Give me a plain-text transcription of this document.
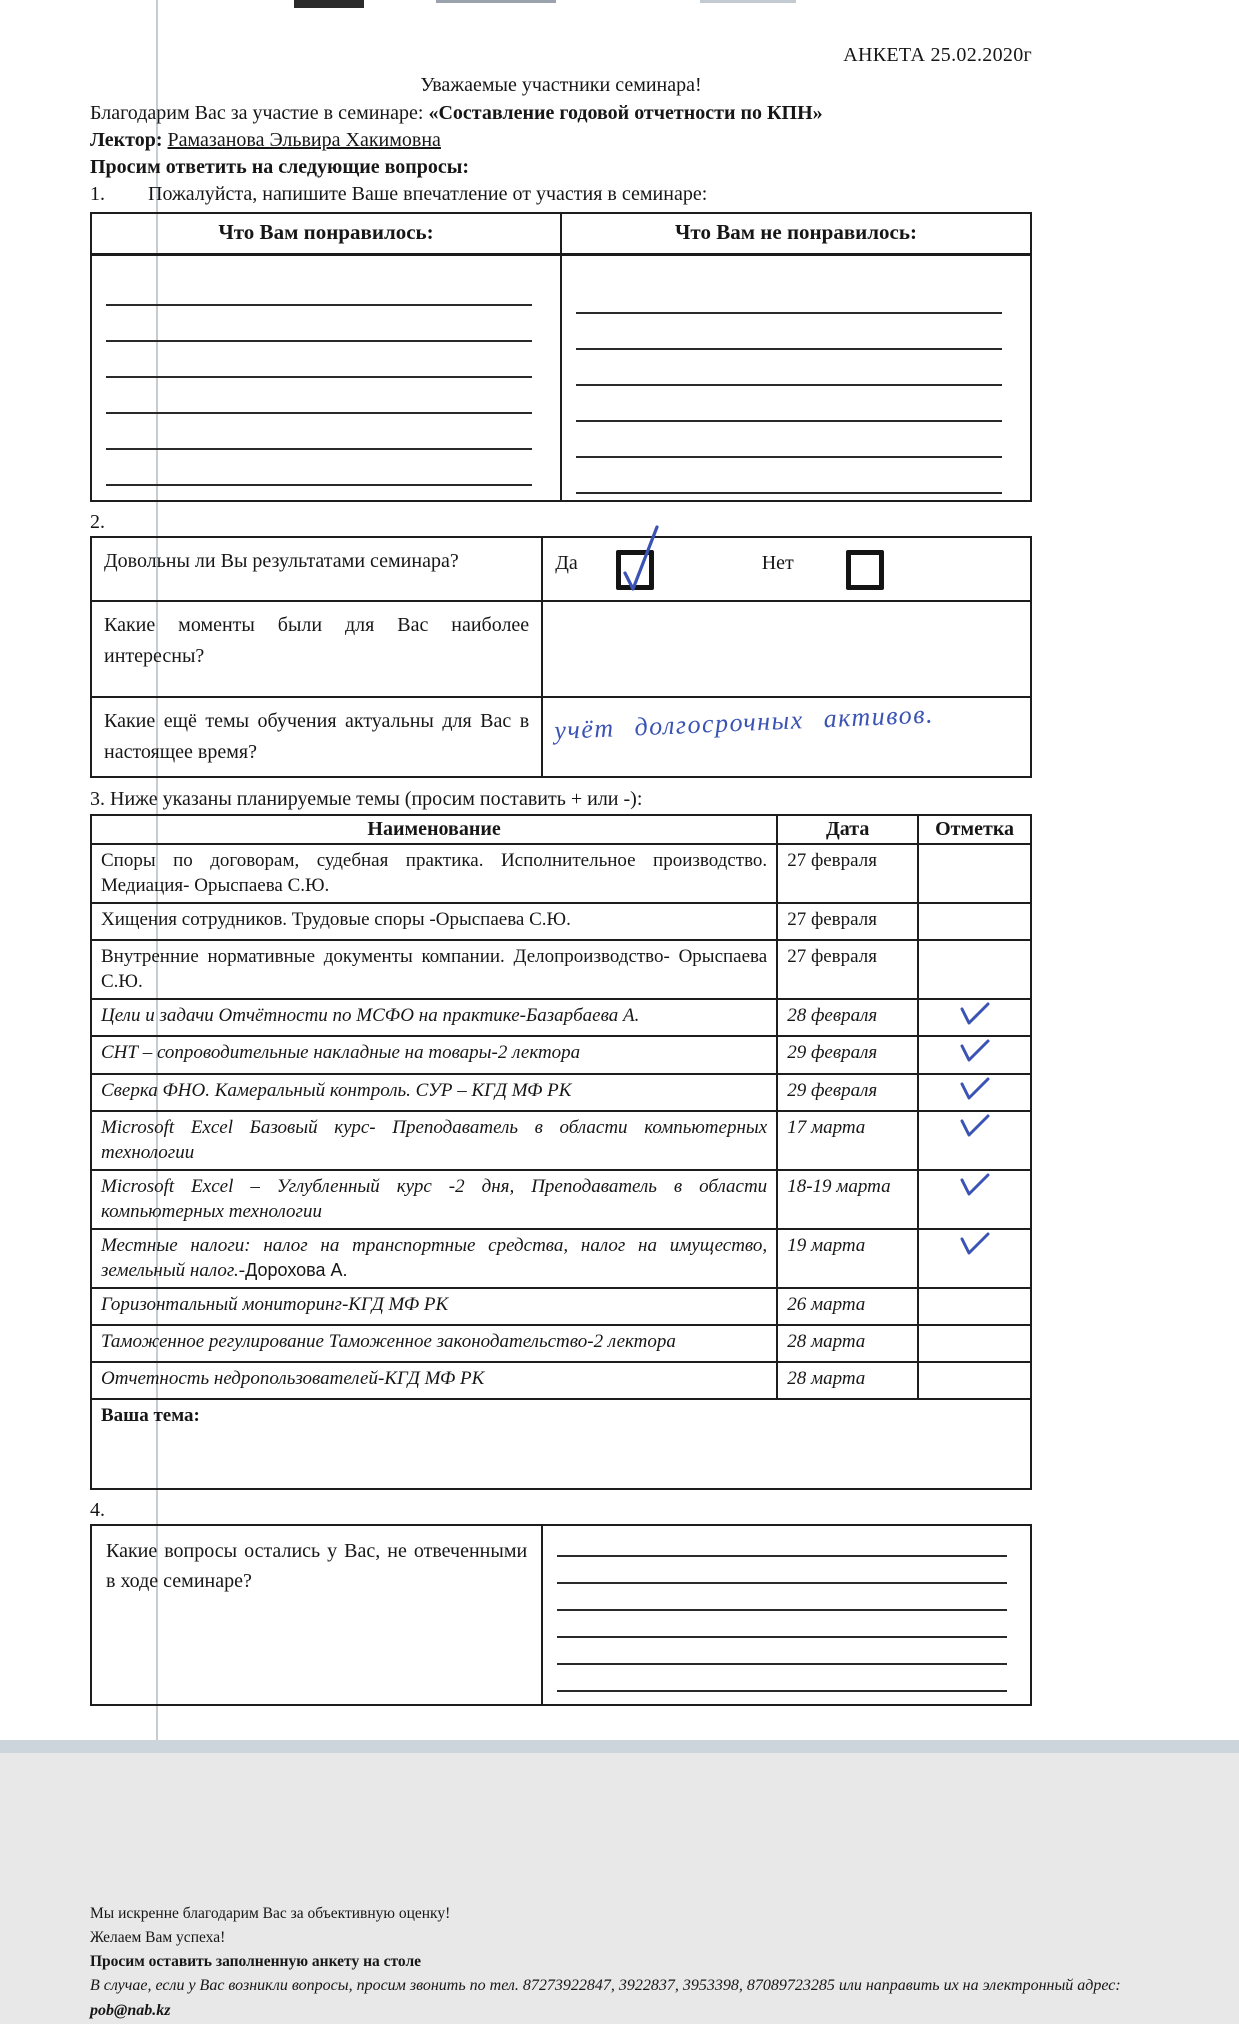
АНКЕТА 25.02.2020г
Уважаемые участники семинара!
Благодарим Вас за участие в семинаре: «Составление годовой отчетности по КПН»
Лектор: Рамазанова Эльвира Хакимовна
Просим ответить на следующие вопросы:
1.	Пожалуйста, напишите Ваше впечатление от участия в семинаре:
Что Вам понравилось:	Что Вам не понравилось:

2.
Довольны ли Вы результатами семинара?	Да Нет

Какие моменты были для Вас наиболее интересны?	
Какие ещё темы обучения актуальны для Вас в настоящее время?	учёт долгосрочных активов.
3. Ниже указаны планируемые темы (просим поставить + или -):
Наименование	Дата	Отметка
Споры по договорам, судебная практика. Исполнительное производство. Медиация- Орыспаева С.Ю.	27 февраля	
Хищения сотрудников. Трудовые споры -Орыспаева С.Ю.	27 февраля	
Внутренние нормативные документы компании. Делопроизводство- Орыспаева С.Ю.	27 февраля	
Цели и задачи Отчётности по МСФО на практике-Базарбаева А.	28 февраля	
СНТ – сопроводительные накладные на товары-2 лектора	29 февраля	
Сверка ФНО. Камеральный контроль. СУР – КГД МФ РК	29 февраля	
Microsoft Excel Базовый курс- Преподаватель в области компьютерных технологии	17 марта	
Microsoft Excel – Углубленный курс -2 дня, Преподаватель в области компьютерных технологии	18-19 марта	
Местные налоги: налог на транспортные средства, налог на имущество, земельный налог.-Дорохова А.	19 марта	
Горизонтальный мониторинг-КГД МФ РК	26 марта	
Таможенное регулирование Таможенное законодательство-2 лектора	28 марта	
Отчетность недропользователей-КГД МФ РК	28 марта	
Ваша тема:		
4.
Какие вопросы остались у Вас, не отвеченными в ходе семинаре?	
Мы искренне благодарим Вас за объективную оценку!
Желаем Вам успеха!
Просим оставить заполненную анкету на столе
В случае, если у Вас возникли вопросы, просим звонить по тел. 87273922847, 3922837, 3953398, 87089723285 или направить их на электронный адрес: pob@nab.kz
